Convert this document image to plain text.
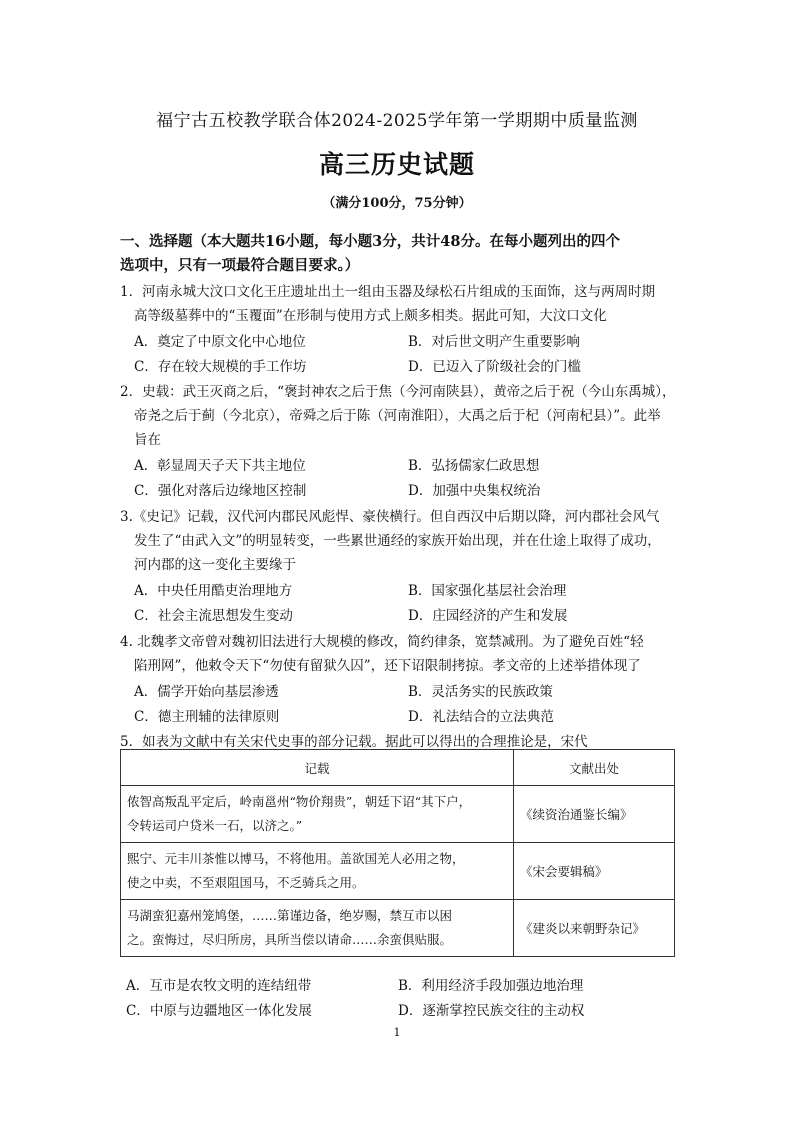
福宁古五校教学联合体2024-2025学年第一学期期中质量监测
高三历史试题
（满分100分，75分钟）
一、选择题（本大题共16小题，每小题3分，共计48分。在每小题列出的四个
选项中，只有一项最符合题目要求。）
1．河南永城大汶口文化王庄遗址出土一组由玉器及绿松石片组成的玉面饰，这与两周时期
高等级墓葬中的“玉覆面”在形制与使用方式上颇多相类。据此可知，大汶口文化
A．奠定了中原文化中心地位	B．对后世文明产生重要影响
C．存在较大规模的手工作坊	D．已迈入了阶级社会的门槛
2．史载：武王灭商之后，“褒封神农之后于焦（今河南陕县），黄帝之后于祝（今山东禹城），
帝尧之后于蓟（今北京），帝舜之后于陈（河南淮阳），大禹之后于杞（河南杞县）”。此举
旨在
A．彰显周天子天下共主地位	B．弘扬儒家仁政思想
C．强化对落后边缘地区控制	D．加强中央集权统治
3.《史记》记载，汉代河内郡民风彪悍、豪侠横行。但自西汉中后期以降，河内郡社会风气
发生了“由武入文”的明显转变，一些累世通经的家族开始出现，并在仕途上取得了成功，
河内郡的这一变化主要缘于
A．中央任用酷吏治理地方	B．国家强化基层社会治理
C．社会主流思想发生变动	D．庄园经济的产生和发展
4. 北魏孝文帝曾对魏初旧法进行大规模的修改，简约律条，宽禁减刑。为了避免百姓“轻
陷刑网”，他敕令天下“勿使有留狱久囚”，还下诏限制拷掠。孝文帝的上述举措体现了
A．儒学开始向基层渗透	B．灵活务实的民族政策
C．德主刑辅的法律原则	D．礼法结合的立法典范
5．如表为文献中有关宋代史事的部分记载。据此可以得出的合理推论是，宋代
记载	文献出处

侬智高叛乱平定后，岭南邕州“物价翔贵”，朝廷下诏“其下户，
令转运司户贷米一石，以济之。”	《续资治通鉴长编》

熙宁、元丰川茶惟以博马，不将他用。盖欲国羌人必用之物，
使之中卖，不至艰阻国马，不乏骑兵之用。	《宋会要辑稿》

马湖蛮犯嘉州笼鸠堡，……第谨边备，绝岁赐，禁互市以困
之。蛮悔过，尽归所房，具所当偿以请命……余蛮俱贴服。	《建炎以来朝野杂记》
A．互市是农牧文明的连结纽带	B．利用经济手段加强边地治理
C．中原与边疆地区一体化发展	D．逐渐掌控民族交往的主动权
1
